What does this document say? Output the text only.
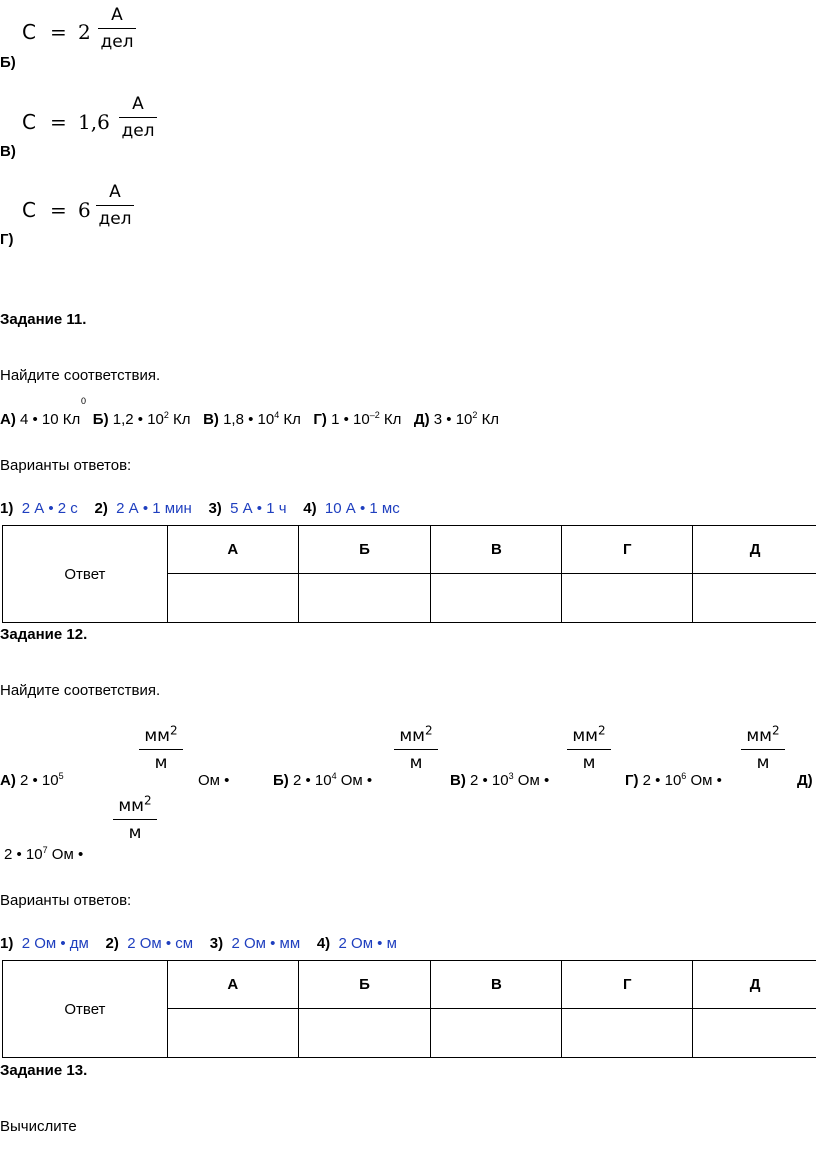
C = 2
А
дел
Б)
C = 1,6
А
дел
В)
C = 6
А
дел
Г)
Задание 11.
Найдите соответствия.
0
А) 4 • 10 Кл Б) 1,2 • $10^2$ Кл В) 1,8 • $10^4$ Кл Г) 1 • $10^{-2}$ Кл Д) 3 • $10^2$ Кл
Варианты ответов:
1) 2 А • 2 с 2) 2 А • 1 мин 3) 5 А • 1 ч 4) 10 А • 1 мс
Ответ	А	Б	В	Г	Д

Задание 12.
Найдите соответствия.
$мм^2$
м
$мм^2$
м
$мм^2$
м
$мм^2$
м
$мм^2$
м
А) 2 • $10^5$	Ом •	Б) 2 • $10^4$ Ом •	В) 2 • $10^3$ Ом •	Г) 2 • $10^6$ Ом •	Д)
2 • $10^7$ Ом •
Варианты ответов:
1) 2 Ом • дм 2) 2 Ом • см 3) 2 Ом • мм 4) 2 Ом • м
Ответ	А	Б	В	Г	Д

Задание 13.
Вычислите
